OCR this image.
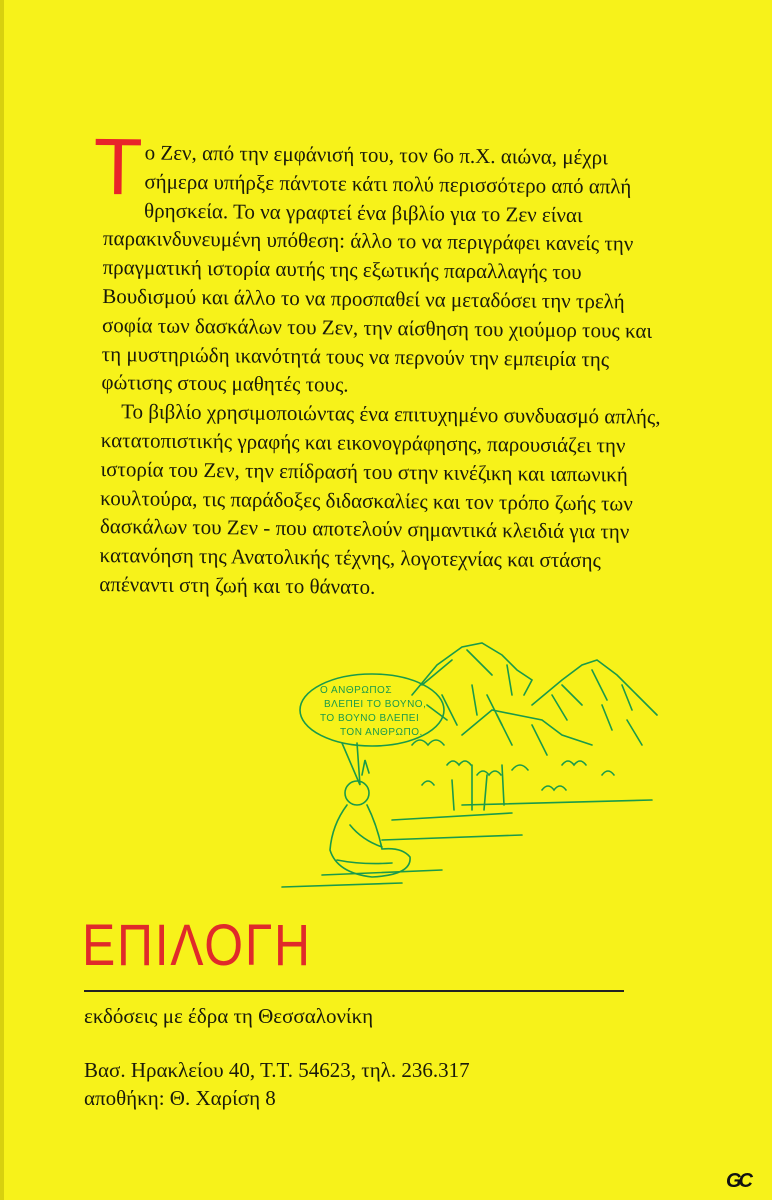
Το Ζεν, από την εμφάνισή του, τον 6ο π.Χ. αιώνα, μέχρι σήμερα υπήρξε πάντοτε κάτι πολύ περισσότερο από απλή θρησκεία. Το να γραφτεί ένα βιβλίο για το Ζεν είναι παρακινδυνευμένη υπόθεση: άλλο το να περιγράφει κανείς την πραγματική ιστορία αυτής της εξωτικής παραλλαγής του Βουδισμού και άλλο το να προσπαθεί να μεταδόσει την τρελή σοφία των δασκάλων του Ζεν, την αίσθηση του χιούμορ τους και τη μυστηριώδη ικανότητά τους να περνούν την εμπειρία της φώτισης στους μαθητές τους.

Το βιβλίο χρησιμοποιώντας ένα επιτυχημένο συνδυασμό απλής, κατατοπιστικής γραφής και εικονογράφησης, παρουσιάζει την ιστορία του Ζεν, την επίδρασή του στην κινέζικη και ιαπωνική κουλτούρα, τις παράδοξες διδασκαλίες και τον τρόπο ζωής των δασκάλων του Ζεν - που αποτελούν σημαντικά κλειδιά για την κατανόηση της Ανατολικής τέχνης, λογοτεχνίας και στάσης απέναντι στη ζωή και το θάνατο.

Ο ΑΝΘΡΩΠΟΣ
ΒΛΕΠΕΙ ΤΟ ΒΟΥΝΟ,
ΤΟ ΒΟΥΝΟ ΒΛΕΠΕΙ
ΤΟΝ ΑΝΘΡΩΠΟ.
ΕΠΙΛΟΓΗ
εκδόσεις με έδρα τη Θεσσαλονίκη
Βασ. Ηρακλείου 40, Τ.Τ. 54623, τηλ. 236.317
αποθήκη: Θ. Χαρίση 8
GC
